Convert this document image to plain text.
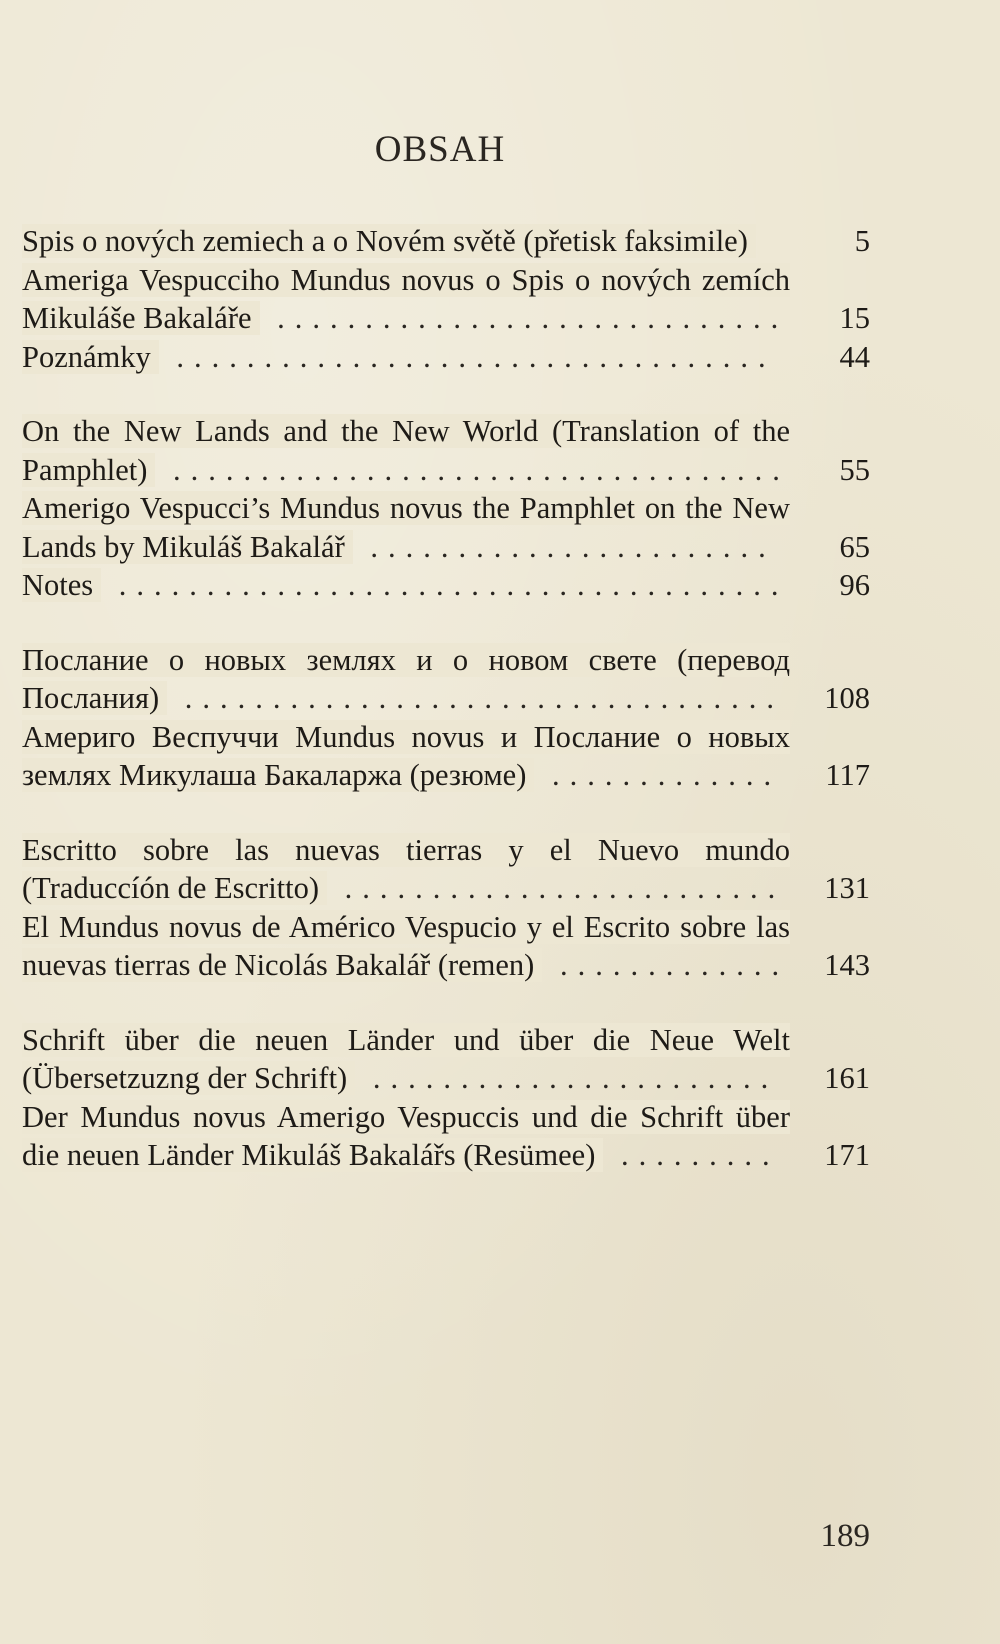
OBSAH
Spis o nových zemiech a o Novém světě (přetisk faksimile)	5
Ameriga Vespucciho Mundus novus o Spis o nových zemích Mikuláše Bakaláře .............................	15
Poznámky ..................................	44
On the New Lands and the New World (Translation of the Pamphlet) ...................................	55
Amerigo Vespucci’s Mundus novus the Pamphlet on the New Lands by Mikuláš Bakalář .......................	65
Notes ......................................	96
Послание о новых землях и о новом свете (перевод Послания) ..................................	108
Америго Веспуччи Mundus novus и Послание о новых землях Микулаша Бакаларжа (резюме) .............	117
Escritto sobre las nuevas tierras y el Nuevo mundo (Traduccíón de Escritto) .........................	131
El Mundus novus de Américo Vespucio y el Escrito sobre las nuevas tierras de Nicolás Bakalář (remen) .............	143
Schrift über die neuen Länder und über die Neue Welt (Übersetzuzng der Schrift) .......................	161
Der Mundus novus Amerigo Vespuccis und die Schrift über die neuen Länder Mikuláš Bakalářs (Resümee) .........	171
189
